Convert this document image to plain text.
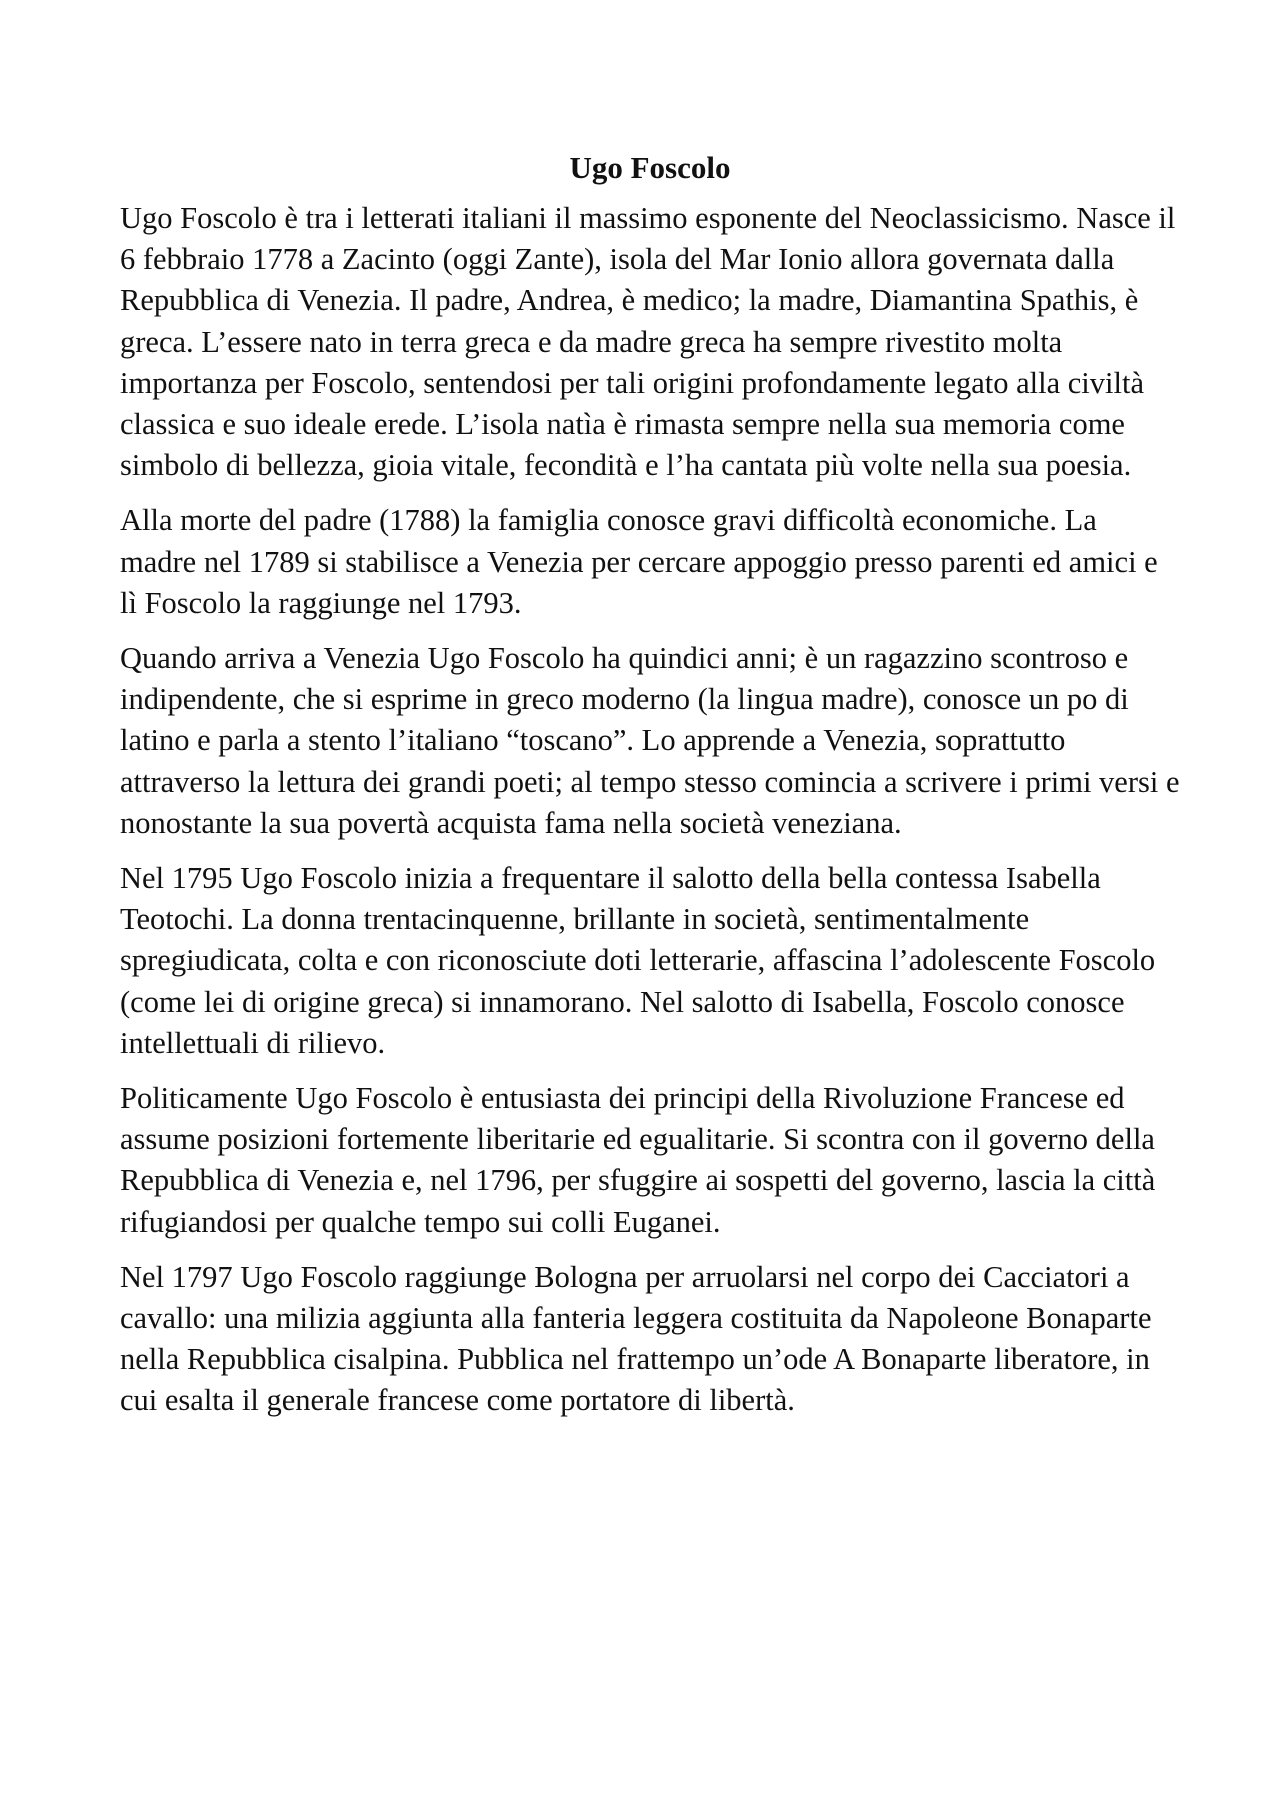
Ugo Foscolo

Ugo Foscolo è tra i letterati italiani il massimo esponente del Neoclassicismo. Nasce il 6 febbraio 1778 a Zacinto (oggi Zante), isola del Mar Ionio allora governata dalla Repubblica di Venezia. Il padre, Andrea, è medico; la madre, Diamantina Spathis, è greca. L’essere nato in terra greca e da madre greca ha sempre rivestito molta importanza per Foscolo, sentendosi per tali origini profondamente legato alla civiltà classica e suo ideale erede. L’isola natìa è rimasta sempre nella sua memoria come simbolo di bellezza, gioia vitale, fecondità e l’ha cantata più volte nella sua poesia.

Alla morte del padre (1788) la famiglia conosce gravi difficoltà economiche. La madre nel 1789 si stabilisce a Venezia per cercare appoggio presso parenti ed amici e lì Foscolo la raggiunge nel 1793.

Quando arriva a Venezia Ugo Foscolo ha quindici anni; è un ragazzino scontroso e indipendente, che si esprime in greco moderno (la lingua madre), conosce un po di latino e parla a stento l’italiano “toscano”. Lo apprende a Venezia, soprattutto attraverso la lettura dei grandi poeti; al tempo stesso comincia a scrivere i primi versi e nonostante la sua povertà acquista fama nella società veneziana.

Nel 1795 Ugo Foscolo inizia a frequentare il salotto della bella contessa Isabella Teotochi. La donna trentacinquenne, brillante in società, sentimentalmente spregiudicata, colta e con riconosciute doti letterarie, affascina l’adolescente Foscolo (come lei di origine greca) si innamorano. Nel salotto di Isabella, Foscolo conosce intellettuali di rilievo.

Politicamente Ugo Foscolo è entusiasta dei principi della Rivoluzione Francese ed assume posizioni fortemente liberitarie ed egualitarie. Si scontra con il governo della Repubblica di Venezia e, nel 1796, per sfuggire ai sospetti del governo, lascia la città rifugiandosi per qualche tempo sui colli Euganei.

Nel 1797 Ugo Foscolo raggiunge Bologna per arruolarsi nel corpo dei Cacciatori a cavallo: una milizia aggiunta alla fanteria leggera costituita da Napoleone Bonaparte nella Repubblica cisalpina. Pubblica nel frattempo un’ode A Bonaparte liberatore, in cui esalta il generale francese come portatore di libertà.
